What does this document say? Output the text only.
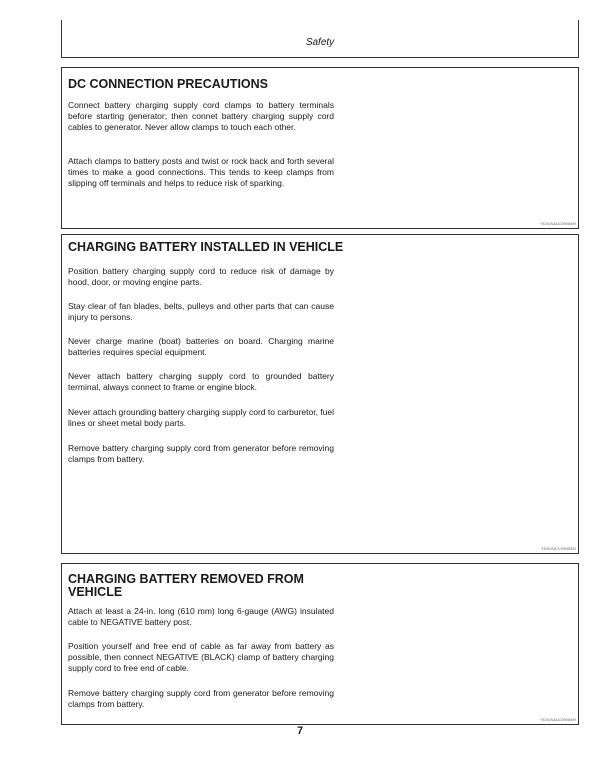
Safety
DC CONNECTION PRECAUTIONS

Connect battery charging supply cord clamps to battery terminals before starting generator; then connet battery charging supply cord cables to generator. Never allow clamps to touch each other.

Attach clamps to battery posts and twist or rock back and forth several times to make a good connections. This tends to keep clamps from slipping off terminals and helps to reduce risk of sparking.

YDS/SAU/Z9006H
CHARGING BATTERY INSTALLED IN VEHICLE

Position battery charging supply cord to reduce risk of damage by hood, door, or moving engine parts.

Stay clear of fan blades, belts, pulleys and other parts that can cause injury to persons.

Never charge marine (boat) batteries on board. Charging marine batteries requires special equipment.

Never attach battery charging supply cord to grounded battery terminal, always connect to frame or engine block.

Never attach grounding battery charging supply cord to carburetor, fuel lines or sheet metal body parts.

Remove battery charging supply cord from generator before removing clamps from battery.

YDS/SA7/Z9006H
CHARGING BATTERY REMOVED FROM VEHICLE

Attach at least a 24-in. long (610 mm) long 6-gauge (AWG) insulated cable to NEGATIVE battery post.

Position yourself and free end of cable as far away from battery as possible, then connect NEGATIVE (BLACK) clamp of battery charging supply cord to free end of cable.

Remove battery charging supply cord from generator before removing clamps from battery.

YDS/SAU/Z9006H
7
